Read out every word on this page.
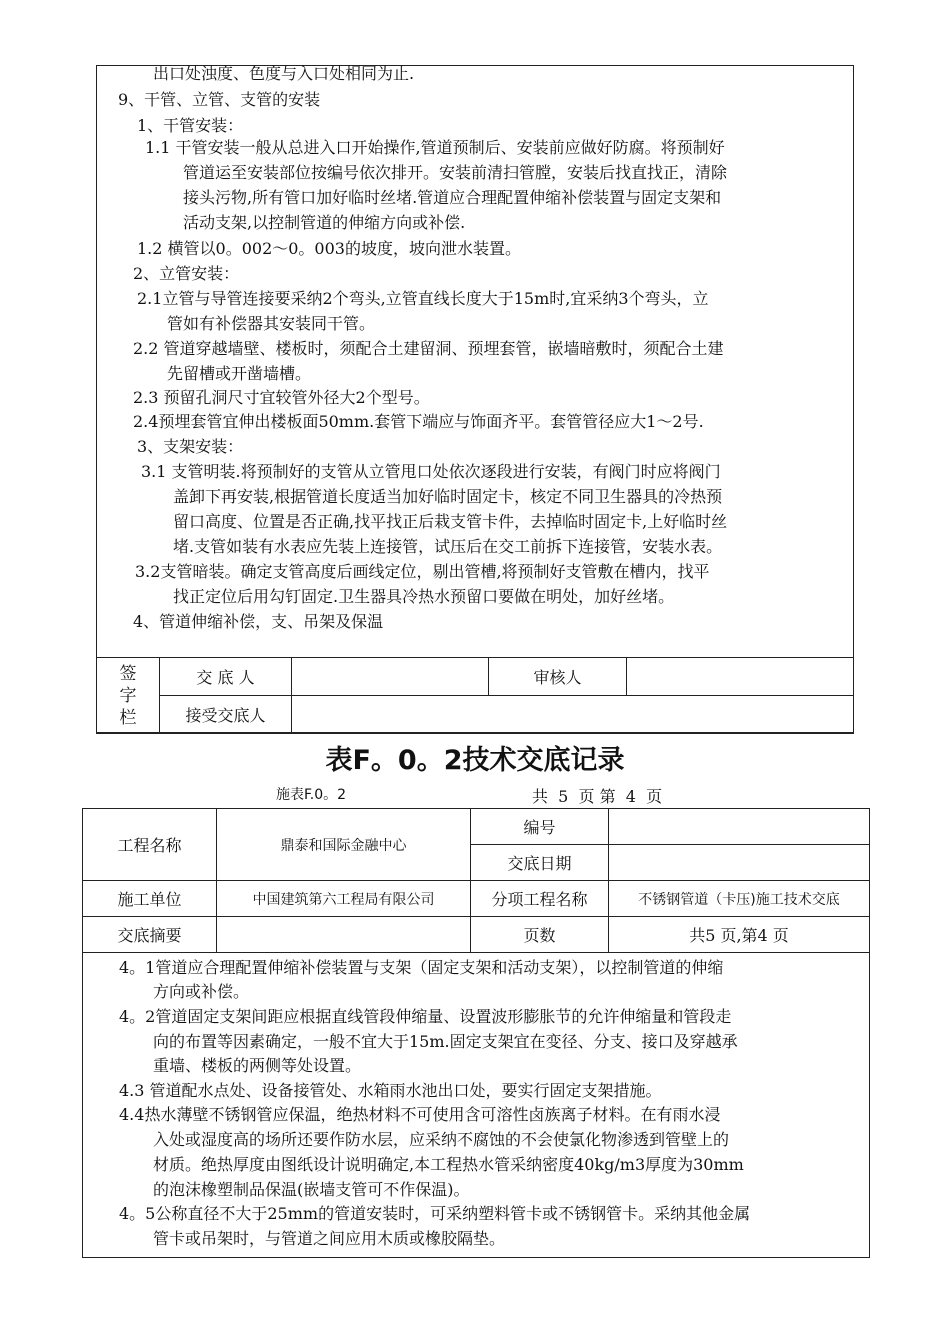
出口处浊度、色度与入口处相同为止.
9、干管、立管、支管的安装
1、干管安装：
1.1 干管安装一般从总进入口开始操作,管道预制后、安装前应做好防腐。将预制好
管道运至安装部位按编号依次排开。安装前清扫管膛，安装后找直找正，清除
接头污物,所有管口加好临时丝堵.管道应合理配置伸缩补偿装置与固定支架和
活动支架,以控制管道的伸缩方向或补偿.
1.2 横管以0。002～0。003的坡度，坡向泄水装置。
2、立管安装：
2.1立管与导管连接要采纳2个弯头,立管直线长度大于15m时,宜采纳3个弯头，立
管如有补偿器其安装同干管。
2.2 管道穿越墙壁、楼板时，须配合土建留洞、预埋套管，嵌墙暗敷时，须配合土建
先留槽或开凿墙槽。
2.3 预留孔洞尺寸宜较管外径大2个型号。
2.4预埋套管宜伸出楼板面50mm.套管下端应与饰面齐平。套管管径应大1～2号.
3、支架安装：
3.1 支管明装.将预制好的支管从立管甩口处依次逐段进行安装，有阀门时应将阀门
盖卸下再安装,根据管道长度适当加好临时固定卡，核定不同卫生器具的冷热预
留口高度、位置是否正确,找平找正后栽支管卡件，去掉临时固定卡,上好临时丝
堵.支管如装有水表应先装上连接管，试压后在交工前拆下连接管，安装水表。
3.2支管暗装。确定支管高度后画线定位，剔出管槽,将预制好支管敷在槽内，找平
找正定位后用勾钉固定.卫生器具冷热水预留口要做在明处，加好丝堵。
4、管道伸缩补偿，支、吊架及保温
签字栏	交 底 人		审核人	
	接受交底人			
表F。0。2技术交底记录
施表F.0。2	共  5  页 第  4  页
工程名称	鼎泰和国际金融中心	编号	
		交底日期	
施工单位	中国建筑第六工程局有限公司	分项工程名称	不锈钢管道（卡压)施工技术交底
交底摘要		页数	共5 页,第4 页
4。1管道应合理配置伸缩补偿装置与支架（固定支架和活动支架），以控制管道的伸缩
方向或补偿。
4。2管道固定支架间距应根据直线管段伸缩量、设置波形膨胀节的允许伸缩量和管段走
向的布置等因素确定，一般不宜大于15m.固定支架宜在变径、分支、接口及穿越承
重墙、楼板的两侧等处设置。
4.3 管道配水点处、设备接管处、水箱雨水池出口处，要实行固定支架措施。
4.4热水薄壁不锈钢管应保温，绝热材料不可使用含可溶性卤族离子材料。在有雨水浸
入处或湿度高的场所还要作防水层，应采纳不腐蚀的不会使氯化物渗透到管壁上的
材质。绝热厚度由图纸设计说明确定,本工程热水管采纳密度40kg/m3厚度为30mm
的泡沫橡塑制品保温(嵌墙支管可不作保温)。
4。5公称直径不大于25mm的管道安装时，可采纳塑料管卡或不锈钢管卡。采纳其他金属
管卡或吊架时，与管道之间应用木质或橡胶隔垫。
